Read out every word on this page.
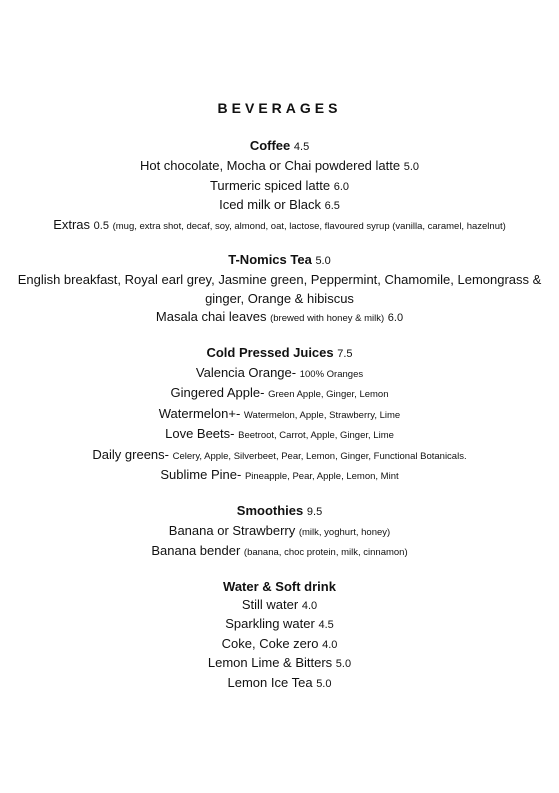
BEVERAGES
Coffee 4.5
Hot chocolate, Mocha or Chai powdered latte 5.0
Turmeric spiced latte 6.0
Iced milk or Black 6.5
Extras 0.5 (mug, extra shot, decaf, soy, almond, oat, lactose, flavoured syrup (vanilla, caramel, hazelnut)
T-Nomics Tea 5.0
English breakfast, Royal earl grey, Jasmine green, Peppermint, Chamomile, Lemongrass & ginger, Orange & hibiscus
Masala chai leaves (brewed with honey & milk) 6.0
Cold Pressed Juices 7.5
Valencia Orange- 100% Oranges
Gingered Apple- Green Apple, Ginger, Lemon
Watermelon+- Watermelon, Apple, Strawberry, Lime
Love Beets- Beetroot, Carrot, Apple, Ginger, Lime
Daily greens- Celery, Apple, Silverbeet, Pear, Lemon, Ginger, Functional Botanicals.
Sublime Pine- Pineapple, Pear, Apple, Lemon, Mint
Smoothies 9.5
Banana or Strawberry (milk, yoghurt, honey)
Banana bender (banana, choc protein, milk, cinnamon)
Water & Soft drink
Still water 4.0
Sparkling water 4.5
Coke, Coke zero 4.0
Lemon Lime & Bitters 5.0
Lemon Ice Tea 5.0
